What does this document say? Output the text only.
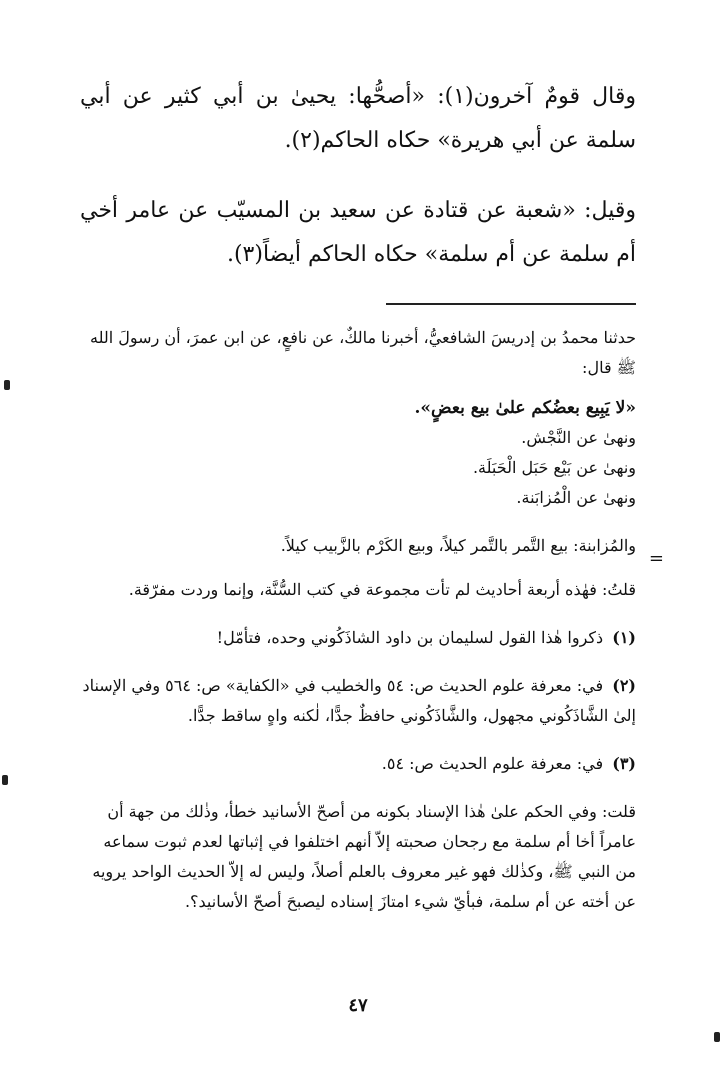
وقال قومٌ آخرون(١): «أصحُّها: يحيىٰ بن أبي كثير عن أبي سلمة عن أبي هريرة» حكاه الحاكم(٢).

وقيل: «شعبة عن قتادة عن سعيد بن المسيّب عن عامر أخي أم سلمة عن أم سلمة» حكاه الحاكم أيضاً(٣).

=

حدثنا محمدُ بن إدريسَ الشافعيُّ، أخبرنا مالكٌ، عن نافعٍ، عن ابن عمرَ، أن رسولَ الله ﷺ قال:

«لا يَبِيع بعضُكم علىٰ بيع بعضٍ».

ونهىٰ عن النَّجْش.

ونهىٰ عن بَيْع حَبَل الْحَبَلَة.

ونهىٰ عن الْمُزابَنة.

والمُزابنة: بيع التَّمر بالتَّمر كيلاً، وبيع الكَرْم بالزَّبيب كيلاً.

قلتُ: فهٰذه أربعة أحاديث لم تأت مجموعة في كتب السُّنَّة، وإنما وردت مفرّقة.

(١) ذكروا هٰذا القول لسليمان بن داود الشاذَكُوني وحده، فتأمّل!

(٢) في: معرفة علوم الحديث ص: ٥٤ والخطيب في «الكفاية» ص: ٥٦٤ وفي الإسناد إلىٰ الشَّاذَكُوني مجهول، والشَّاذَكُوني حافظٌ جدًّا، لٰكنه واهٍ ساقط جدًّا.

(٣) في: معرفة علوم الحديث ص: ٥٤.

قلت: وفي الحكم علىٰ هٰذا الإسناد بكونه من أصحّ الأسانيد خطأ، وذٰلك من جهة أن عامراً أخا أم سلمة مع رجحان صحبته إلاّ أنهم اختلفوا في إثباتها لعدم ثبوت سماعه من النبي ﷺ، وكذٰلك فهو غير معروف بالعلم أصلاً، وليس له إلاّ الحديث الواحد يرويه عن أخته عن أم سلمة، فبأيّ شيء امتازَ إسناده ليصبحَ أصحّ الأسانيد؟.

٤٧
